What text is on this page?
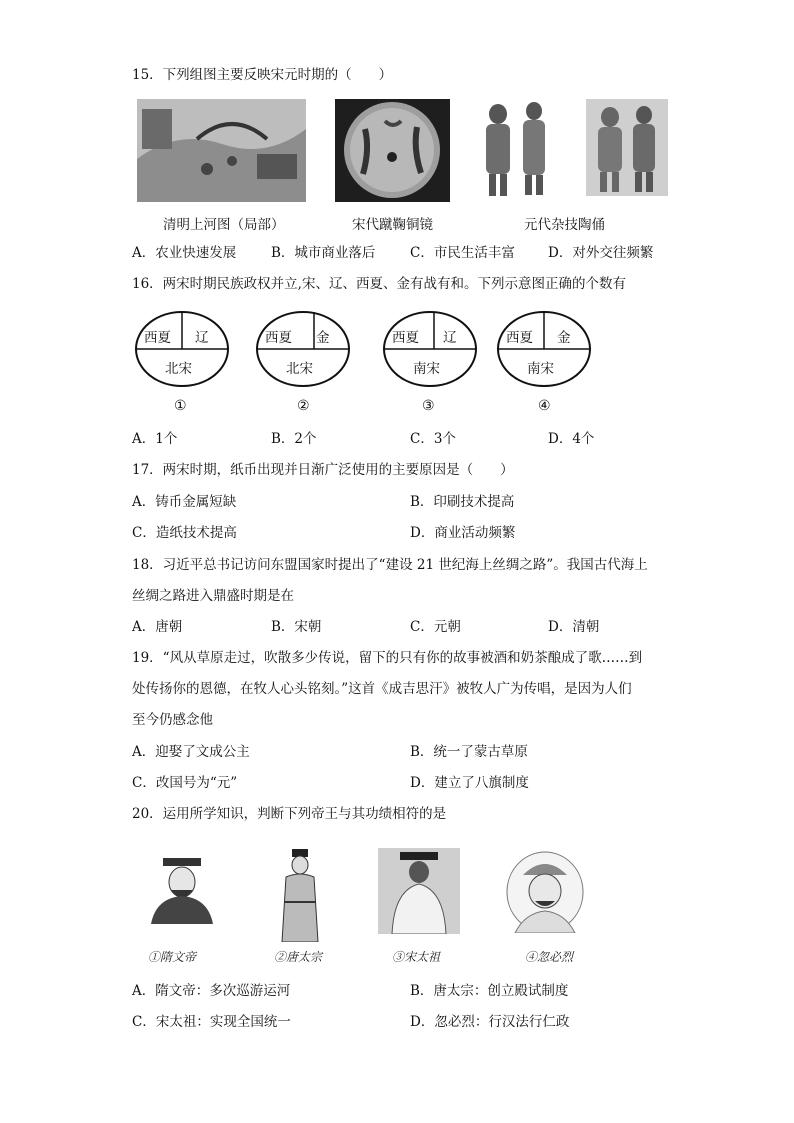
15．下列组图主要反映宋元时期的（　　）
清明上河图（局部）	宋代蹴鞠铜镜	元代杂技陶俑
A．农业快速发展	B．城市商业落后	C．市民生活丰富 D．对外交往频繁
16．两宋时期民族政权并立,宋、辽、西夏、金有战有和。下列示意图正确的个数有
西夏 辽
北宋
西夏 金
北宋
西夏 辽
南宋
西夏 金
南宋
①	②	③	④
A．1个	B．2个	C．3个	D．4个
17．两宋时期，纸币出现并日渐广泛使用的主要原因是（　　）
A．铸币金属短缺	B．印刷技术提高
C．造纸技术提高	D．商业活动频繁
18．习近平总书记访问东盟国家时提出了“建设 21 世纪海上丝绸之路”。我国古代海上
丝绸之路进入鼎盛时期是在
A．唐朝	B．宋朝	C．元朝	D．清朝
19．“风从草原走过，吹散多少传说，留下的只有你的故事被酒和奶茶酿成了歌……到
处传扬你的恩德，在牧人心头铭刻。”这首《成吉思汗》被牧人广为传唱，是因为人们
至今仍感念他
A．迎娶了文成公主	B．统一了蒙古草原
C．改国号为“元”	D．建立了八旗制度
20．运用所学知识，判断下列帝王与其功绩相符的是
①隋文帝	②唐太宗	③宋太祖	④忽必烈
A．隋文帝：多次巡游运河	B．唐太宗：创立殿试制度
C．宋太祖：实现全国统一	D．忽必烈：行汉法行仁政
